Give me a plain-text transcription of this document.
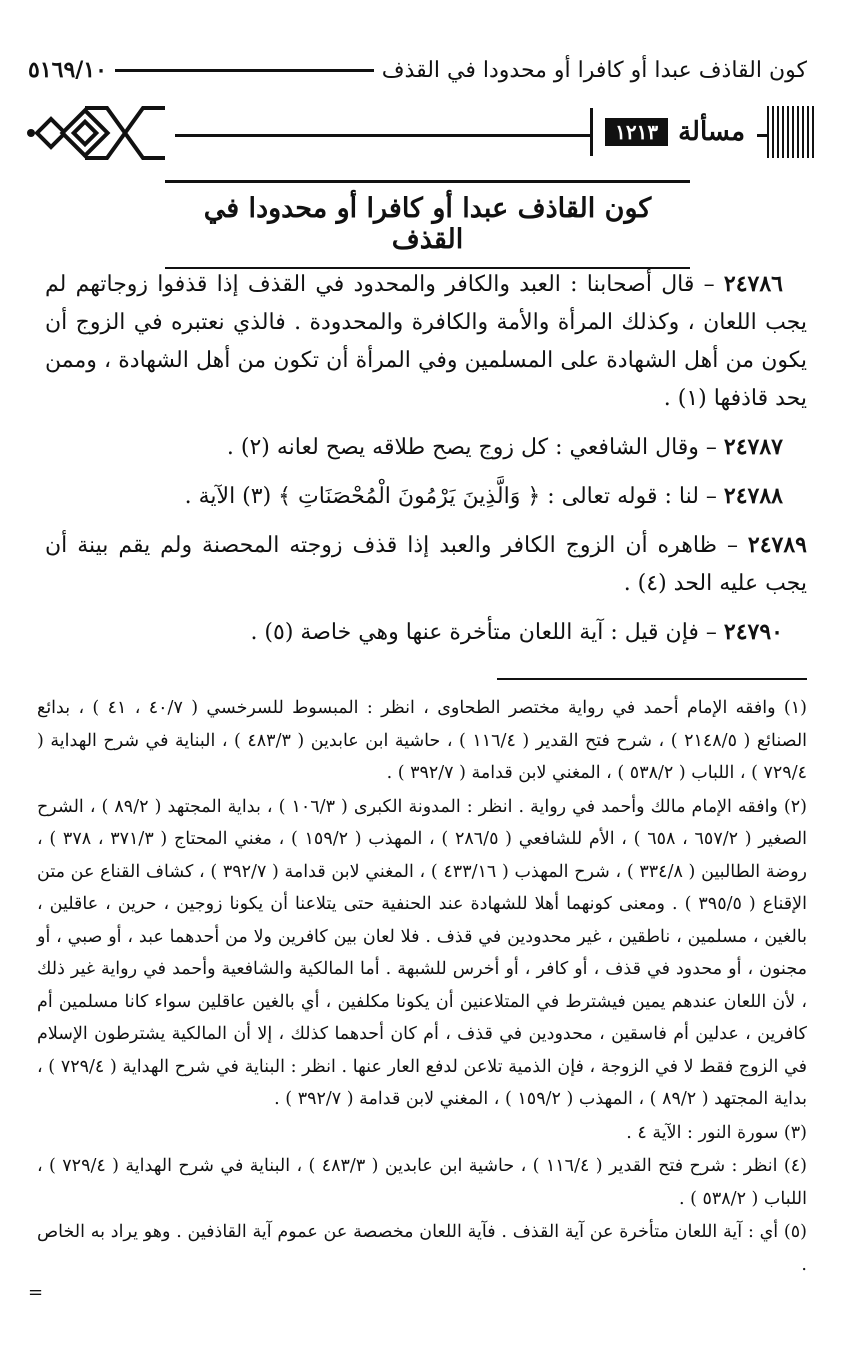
كون القاذف عبدا أو كافرا أو محدودا في القذف
٥١٦٩/١٠
مسألة
١٢١٣
كون القاذف عبدا أو كافرا أو محدودا في القذف

٢٤٧٨٦ – قال أصحابنا : العبد والكافر والمحدود في القذف إذا قذفوا زوجاتهم لم يجب اللعان ، وكذلك المرأة والأمة والكافرة والمحدودة . فالذي نعتبره في الزوج أن يكون من أهل الشهادة على المسلمين وفي المرأة أن تكون من أهل الشهادة ، وممن يحد قاذفها (١) .

٢٤٧٨٧ – وقال الشافعي : كل زوج يصح طلاقه يصح لعانه (٢) .

٢٤٧٨٨ – لنا : قوله تعالى : ﴿ وَالَّذِينَ يَرْمُونَ الْمُحْصَنَاتِ ﴾ (٣) الآية .

٢٤٧٨٩ – ظاهره أن الزوج الكافر والعبد إذا قذف زوجته المحصنة ولم يقم بينة أن يجب عليه الحد (٤) .

٢٤٧٩٠ – فإن قيل : آية اللعان متأخرة عنها وهي خاصة (٥) .

(١) وافقه الإمام أحمد في رواية مختصر الطحاوى ، انظر : المبسوط للسرخسي ( ٤٠/٧ ، ٤١ ) ، بدائع الصنائع ( ٢١٤٨/٥ ) ، شرح فتح القدير ( ١١٦/٤ ) ، حاشية ابن عابدين ( ٤٨٣/٣ ) ، البناية في شرح الهداية ( ٧٢٩/٤ ) ، اللباب ( ٥٣٨/٢ ) ، المغني لابن قدامة ( ٣٩٢/٧ ) .

(٢) وافقه الإمام مالك وأحمد في رواية . انظر : المدونة الكبرى ( ١٠٦/٣ ) ، بداية المجتهد ( ٨٩/٢ ) ، الشرح الصغير ( ٦٥٧/٢ ، ٦٥٨ ) ، الأم للشافعي ( ٢٨٦/٥ ) ، المهذب ( ١٥٩/٢ ) ، مغني المحتاج ( ٣٧١/٣ ، ٣٧٨ ) ، روضة الطالبين ( ٣٣٤/٨ ) ، شرح المهذب ( ٤٣٣/١٦ ) ، المغني لابن قدامة ( ٣٩٢/٧ ) ، كشاف القناع عن متن الإقناع ( ٣٩٥/٥ ) . ومعنى كونهما أهلا للشهادة عند الحنفية حتى يتلاعنا أن يكونا زوجين ، حرين ، عاقلين ، بالغين ، مسلمين ، ناطقين ، غير محدودين في قذف . فلا لعان بين كافرين ولا من أحدهما عبد ، أو صبي ، أو مجنون ، أو محدود في قذف ، أو كافر ، أو أخرس للشبهة . أما المالكية والشافعية وأحمد في رواية غير ذلك ، لأن اللعان عندهم يمين فيشترط في المتلاعنين أن يكونا مكلفين ، أي بالغين عاقلين سواء كانا مسلمين أم كافرين ، عدلين أم فاسقين ، محدودين في قذف ، أم كان أحدهما كذلك ، إلا أن المالكية يشترطون الإسلام في الزوج فقط لا في الزوجة ، فإن الذمية تلاعن لدفع العار عنها . انظر : البناية في شرح الهداية ( ٧٢٩/٤ ) ، بداية المجتهد ( ٨٩/٢ ) ، المهذب ( ١٥٩/٢ ) ، المغني لابن قدامة ( ٣٩٢/٧ ) .

(٣) سورة النور : الآية ٤ .

(٤) انظر : شرح فتح القدير ( ١١٦/٤ ) ، حاشية ابن عابدين ( ٤٨٣/٣ ) ، البناية في شرح الهداية ( ٧٢٩/٤ ) ، اللباب ( ٥٣٨/٢ ) .

(٥) أي : آية اللعان متأخرة عن آية القذف . فآية اللعان مخصصة عن عموم آية القاذفين . وهو يراد به الخاص .

=
